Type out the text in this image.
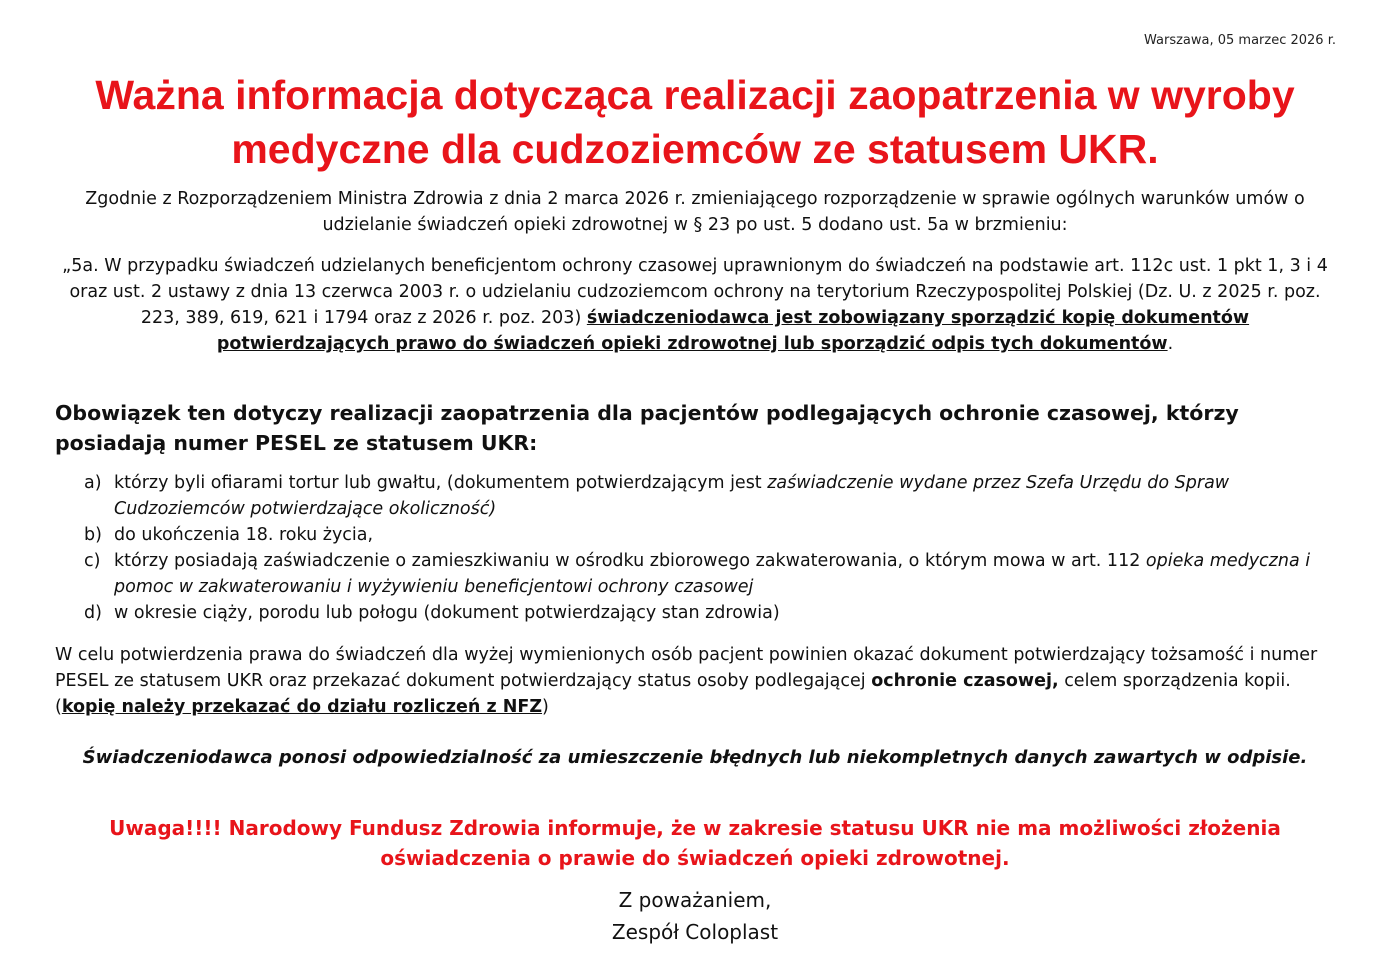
Warszawa, 05 marzec 2026 r.
Ważna informacja dotycząca realizacji zaopatrzenia w wyroby medyczne dla cudzoziemców ze statusem UKR.

Zgodnie z Rozporządzeniem Ministra Zdrowia z dnia 2 marca 2026 r. zmieniającego rozporządzenie w sprawie ogólnych warunków umów o udzielanie świadczeń opieki zdrowotnej w § 23 po ust. 5 dodano ust. 5a w brzmieniu:

„5a. W przypadku świadczeń udzielanych beneficjentom ochrony czasowej uprawnionym do świadczeń na podstawie art. 112c ust. 1 pkt 1, 3 i 4 oraz ust. 2 ustawy z dnia 13 czerwca 2003 r. o udzielaniu cudzoziemcom ochrony na terytorium Rzeczypospolitej Polskiej (Dz. U. z 2025 r. poz. 223, 389, 619, 621 i 1794 oraz z 2026 r. poz. 203) świadczeniodawca jest zobowiązany sporządzić kopię dokumentów potwierdzających prawo do świadczeń opieki zdrowotnej lub sporządzić odpis tych dokumentów.

Obowiązek ten dotyczy realizacji zaopatrzenia dla pacjentów podlegających ochronie czasowej, którzy posiadają numer PESEL ze statusem UKR:

a) którzy byli ofiarami tortur lub gwałtu, (dokumentem potwierdzającym jest zaświadczenie wydane przez Szefa Urzędu do Spraw Cudzoziemców potwierdzające okoliczność)
b) do ukończenia 18. roku życia,
c) którzy posiadają zaświadczenie o zamieszkiwaniu w ośrodku zbiorowego zakwaterowania, o którym mowa w art. 112 opieka medyczna i pomoc w zakwaterowaniu i wyżywieniu beneficjentowi ochrony czasowej
d) w okresie ciąży, porodu lub połogu (dokument potwierdzający stan zdrowia)

W celu potwierdzenia prawa do świadczeń dla wyżej wymienionych osób pacjent powinien okazać dokument potwierdzający tożsamość i numer PESEL ze statusem UKR oraz przekazać dokument potwierdzający status osoby podlegającej ochronie czasowej, celem sporządzenia kopii. (kopię należy przekazać do działu rozliczeń z NFZ)

Świadczeniodawca ponosi odpowiedzialność za umieszczenie błędnych lub niekompletnych danych zawartych w odpisie.

Uwaga!!!! Narodowy Fundusz Zdrowia informuje, że w zakresie statusu UKR nie ma możliwości złożenia oświadczenia o prawie do świadczeń opieki zdrowotnej.

Z poważaniem,
Zespół Coloplast
